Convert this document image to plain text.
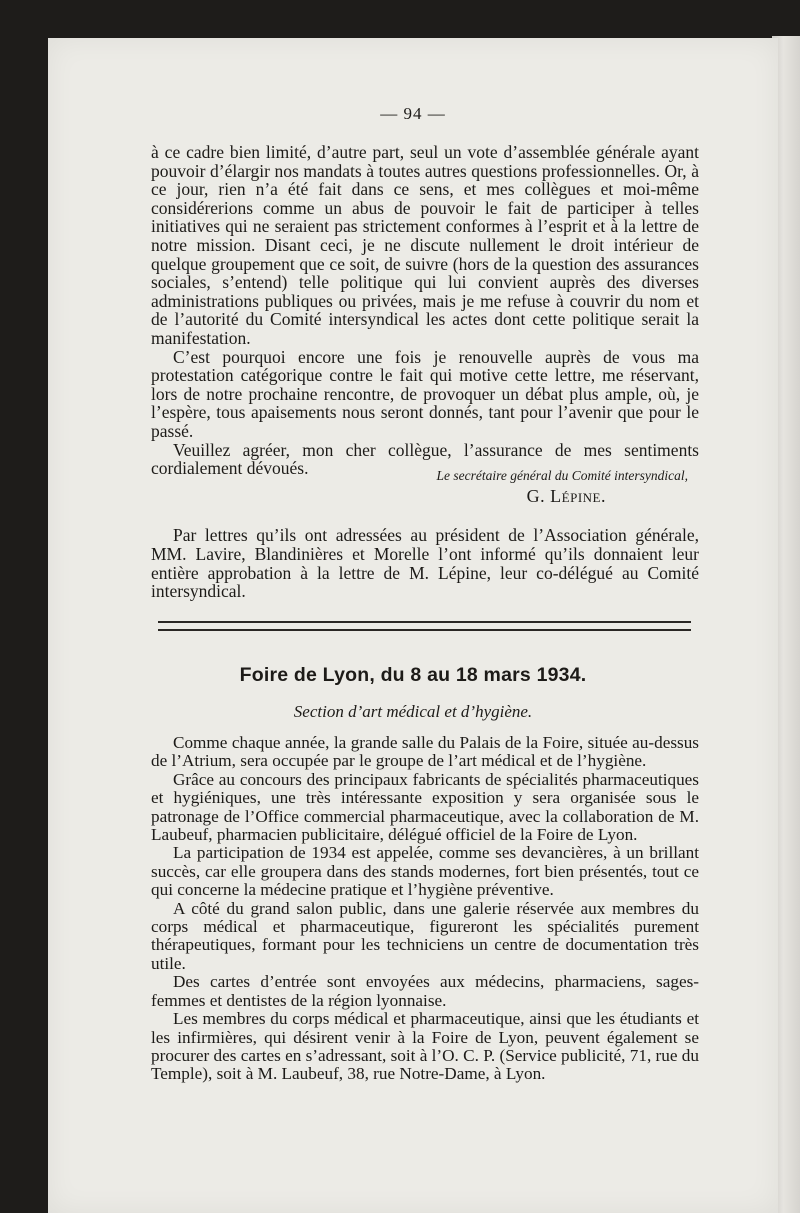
— 94 —
à ce cadre bien limité, d’autre part, seul un vote d’assemblée générale ayant pouvoir d’élargir nos mandats à toutes autres questions professionnelles. Or, à ce jour, rien n’a été fait dans ce sens, et mes collègues et moi-même considérerions comme un abus de pouvoir le fait de participer à telles initiatives qui ne seraient pas strictement conformes à l’esprit et à la lettre de notre mission. Disant ceci, je ne discute nullement le droit intérieur de quelque groupement que ce soit, de suivre (hors de la question des assurances sociales, s’entend) telle politique qui lui convient auprès des diverses administrations publiques ou privées, mais je me refuse à couvrir du nom et de l’autorité du Comité intersyndical les actes dont cette politique serait la manifestation.
C’est pourquoi encore une fois je renouvelle auprès de vous ma protestation catégorique contre le fait qui motive cette lettre, me réservant, lors de notre prochaine rencontre, de provoquer un débat plus ample, où, je l’espère, tous apaisements nous seront donnés, tant pour l’avenir que pour le passé.
Veuillez agréer, mon cher collègue, l’assurance de mes sentiments cordialement dévoués.	Le secrétaire général du Comité intersyndical,
G. Lépine.
Par lettres qu’ils ont adressées au président de l’Association générale, MM. Lavire, Blandinières et Morelle l’ont informé qu’ils donnaient leur entière approbation à la lettre de M. Lépine, leur co-délégué au Comité intersyndical.
Foire de Lyon, du 8 au 18 mars 1934.
Section d’art médical et d’hygiène.

Comme chaque année, la grande salle du Palais de la Foire, située au-dessus de l’Atrium, sera occupée par le groupe de l’art médical et de l’hygiène.

Grâce au concours des principaux fabricants de spécialités pharmaceutiques et hygiéniques, une très intéressante exposition y sera organisée sous le patronage de l’Office commercial pharmaceutique, avec la collaboration de M. Laubeuf, pharmacien publicitaire, délégué officiel de la Foire de Lyon.

La participation de 1934 est appelée, comme ses devancières, à un brillant succès, car elle groupera dans des stands modernes, fort bien présentés, tout ce qui concerne la médecine pratique et l’hygiène préventive.

A côté du grand salon public, dans une galerie réservée aux membres du corps médical et pharmaceutique, figureront les spécialités purement thérapeutiques, formant pour les techniciens un centre de documentation très utile.

Des cartes d’entrée sont envoyées aux médecins, pharmaciens, sages-femmes et dentistes de la région lyonnaise.

Les membres du corps médical et pharmaceutique, ainsi que les étudiants et les infirmières, qui désirent venir à la Foire de Lyon, peuvent également se procurer des cartes en s’adressant, soit à l’O. C. P. (Service publicité, 71, rue du Temple), soit à M. Laubeuf, 38, rue Notre-Dame, à Lyon.
